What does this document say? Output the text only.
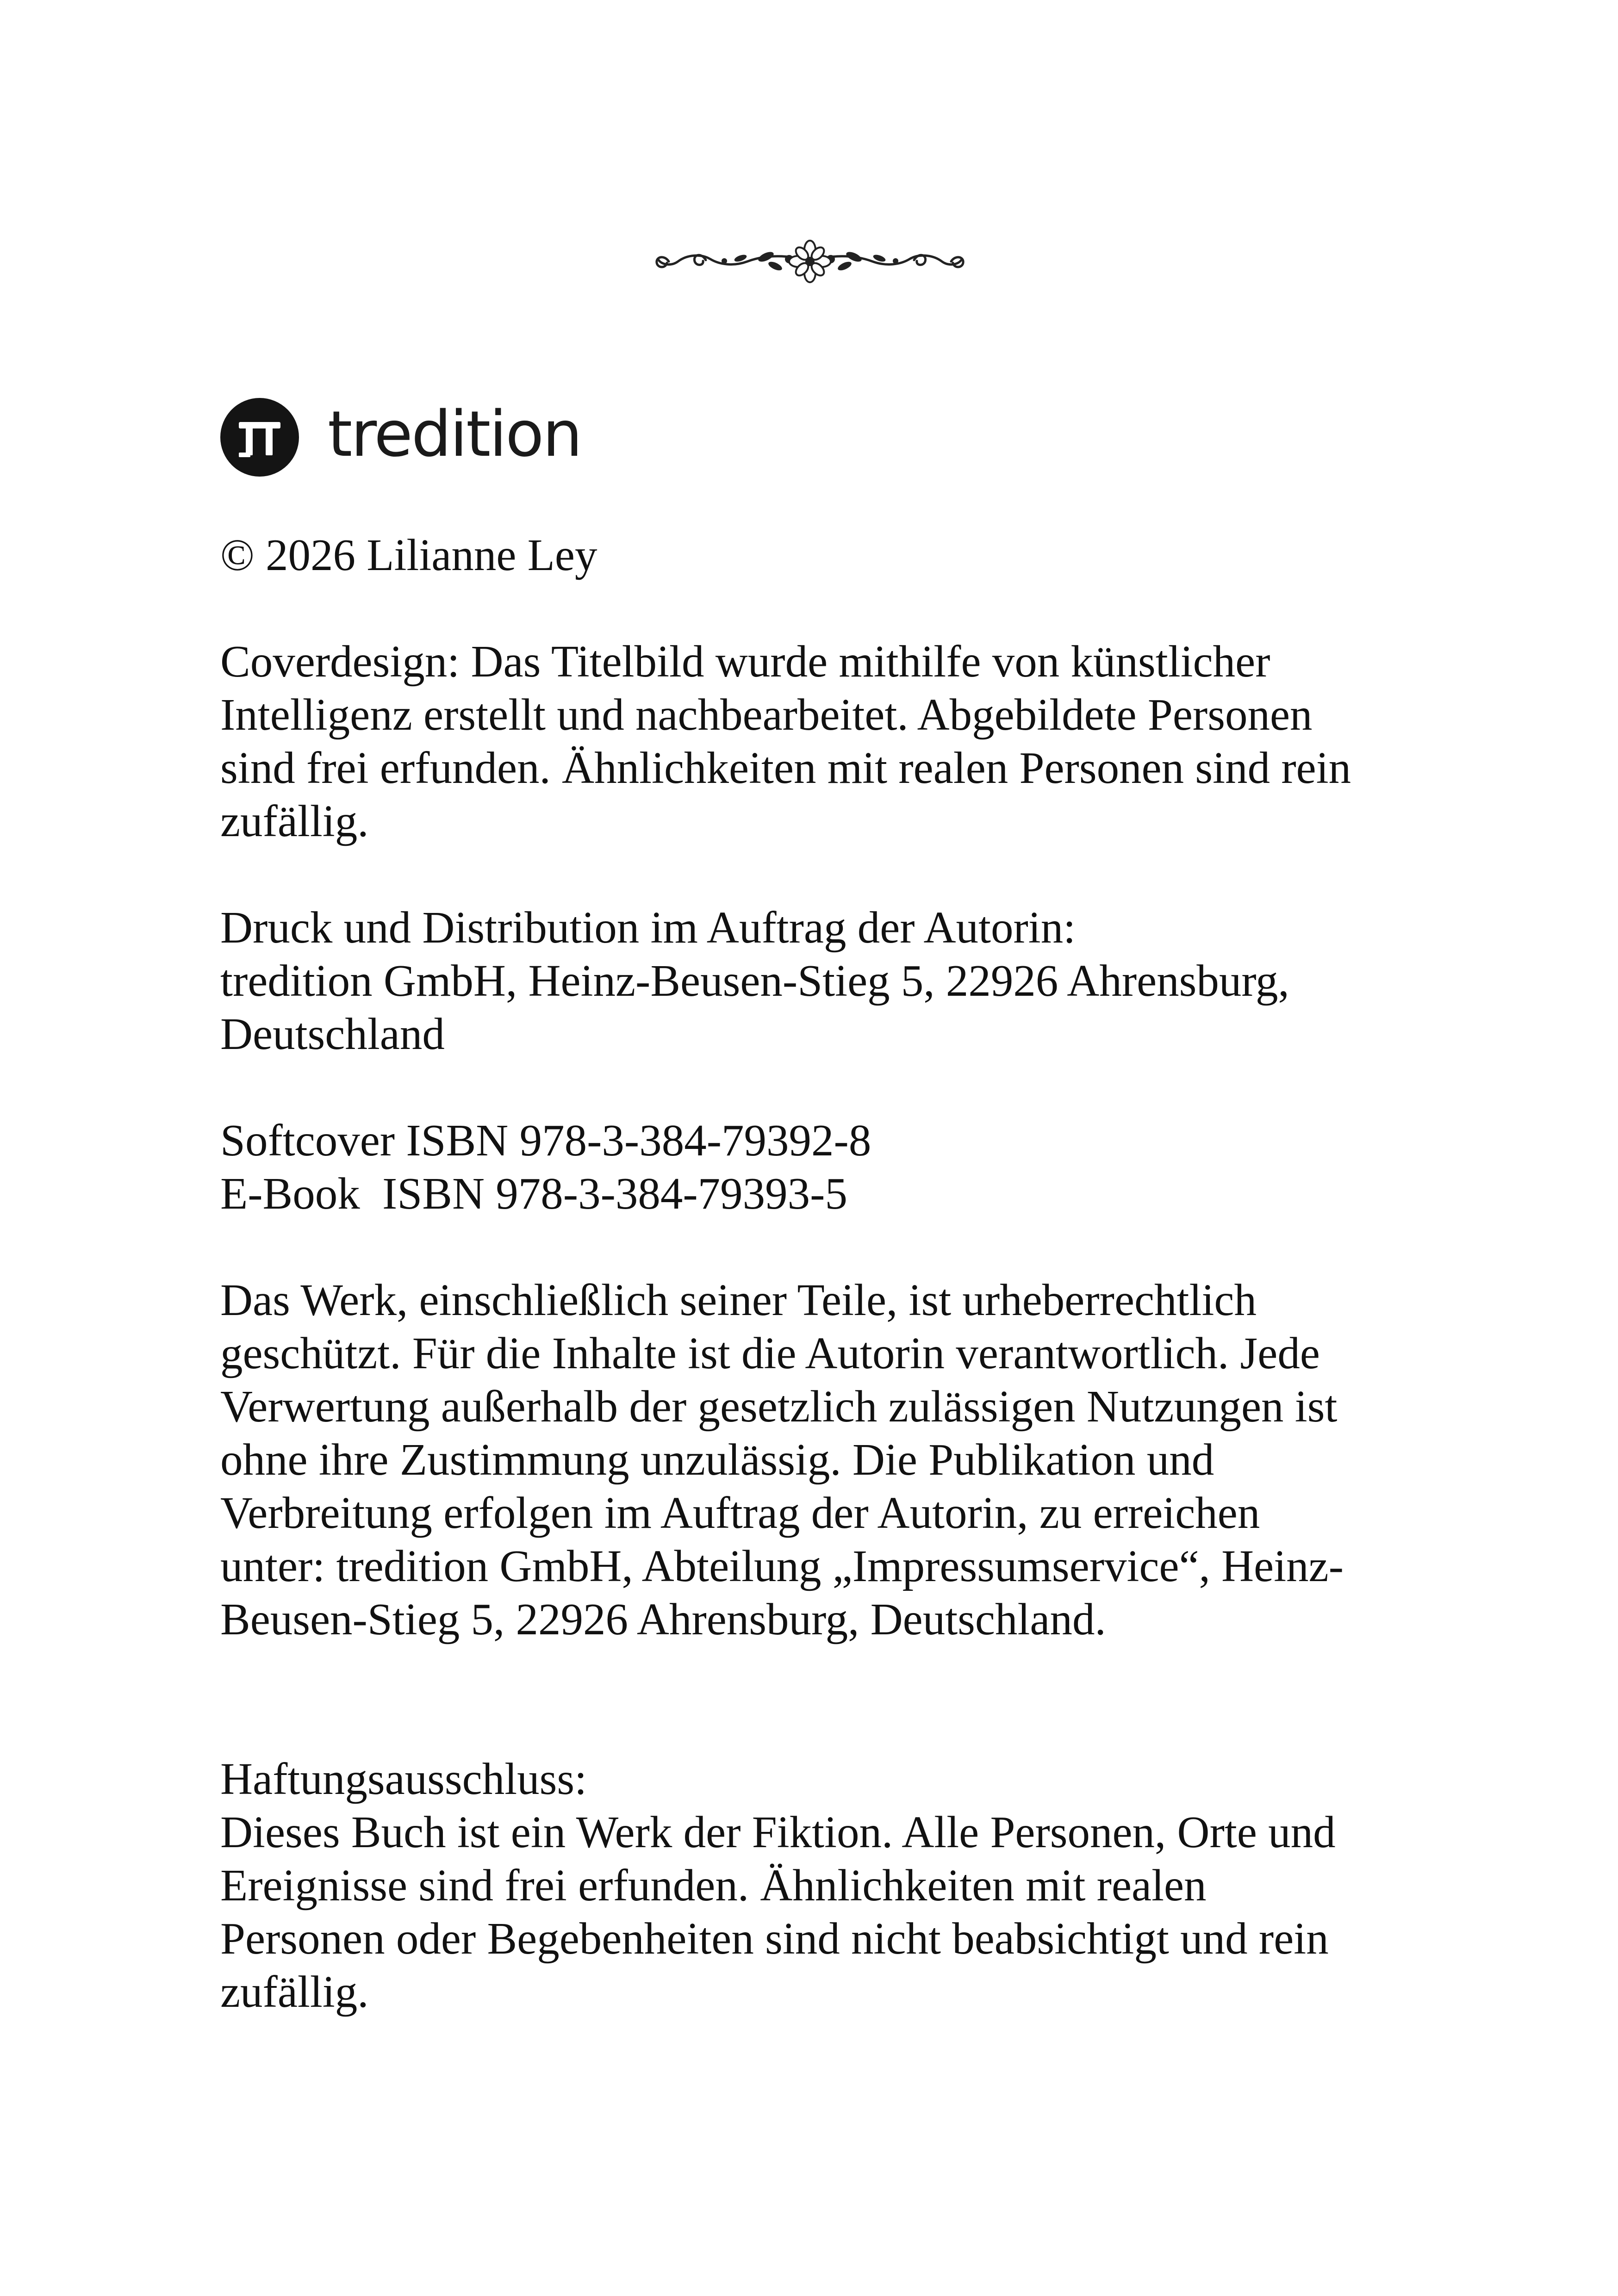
tredition

© 2026 Lilianne Ley

Coverdesign: Das Titelbild wurde mithilfe von künstlicher
Intelligenz erstellt und nachbearbeitet. Abgebildete Personen
sind frei erfunden. Ähnlichkeiten mit realen Personen sind rein
zufällig.

Druck und Distribution im Auftrag der Autorin:
tredition GmbH, Heinz-Beusen-Stieg 5, 22926 Ahrensburg,
Deutschland

Softcover ISBN 978-3-384-79392-8
E-Book ISBN 978-3-384-79393-5

Das Werk, einschließlich seiner Teile, ist urheberrechtlich
geschützt. Für die Inhalte ist die Autorin verantwortlich. Jede
Verwertung außerhalb der gesetzlich zulässigen Nutzungen ist
ohne ihre Zustimmung unzulässig. Die Publikation und
Verbreitung erfolgen im Auftrag der Autorin, zu erreichen
unter: tredition GmbH, Abteilung „Impressumservice“, Heinz-
Beusen-Stieg 5, 22926 Ahrensburg, Deutschland.

Haftungsausschluss:
Dieses Buch ist ein Werk der Fiktion. Alle Personen, Orte und
Ereignisse sind frei erfunden. Ähnlichkeiten mit realen
Personen oder Begebenheiten sind nicht beabsichtigt und rein
zufällig.
